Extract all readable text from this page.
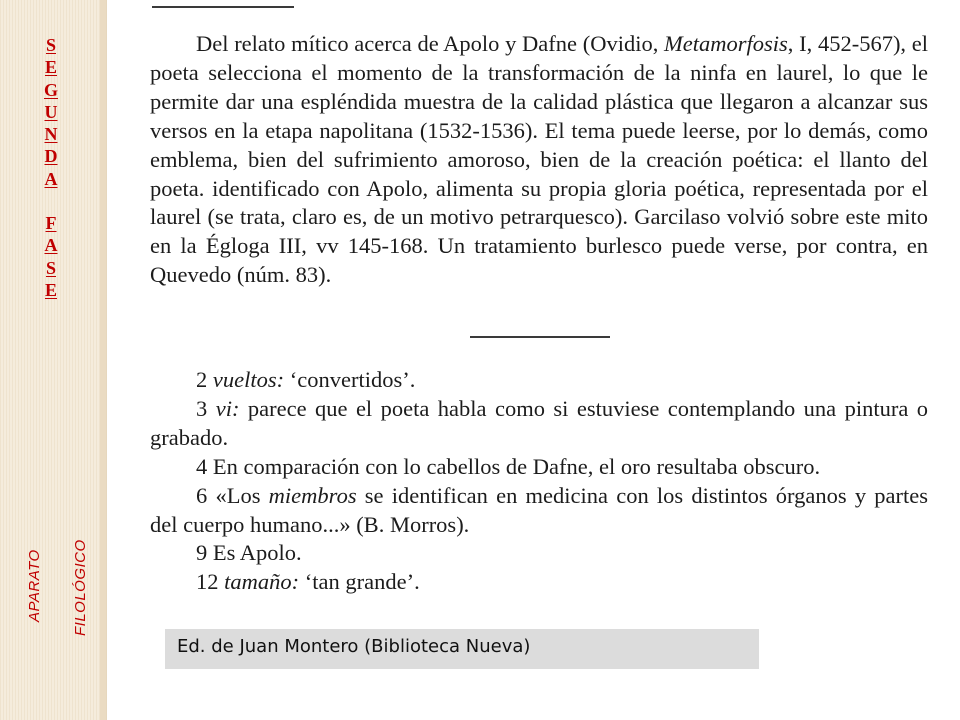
S
E
G
U
N
D
A
F
A
S
E
APARATO FILOLÓGICO

Del relato mítico acerca de Apolo y Dafne (Ovidio, Metamorfosis, I, 452-567), el poeta selecciona el momento de la transformación de la ninfa en laurel, lo que le permite dar una espléndida muestra de la calidad plástica que llegaron a alcanzar sus versos en la etapa napolitana (1532-1536). El tema puede leerse, por lo demás, como emblema, bien del sufrimiento amoroso, bien de la creación poética: el llanto del poeta. identificado con Apolo, alimenta su propia gloria poética, representada por el laurel (se trata, claro es, de un motivo petrarquesco). Garcilaso volvió sobre este mito en la Égloga III, vv 145-168. Un tratamiento burlesco puede verse, por contra, en Quevedo (núm. 83).

2 vueltos: ‘convertidos’.

3 vi: parece que el poeta habla como si estuviese contemplando una pintura o grabado.

4 En comparación con lo cabellos de Dafne, el oro resultaba obscuro.

6 «Los miembros se identifican en medicina con los distintos órganos y partes del cuerpo humano...» (B. Morros).

9 Es Apolo.

12 tamaño: ‘tan grande’.

Ed. de Juan Montero (Biblioteca Nueva)
